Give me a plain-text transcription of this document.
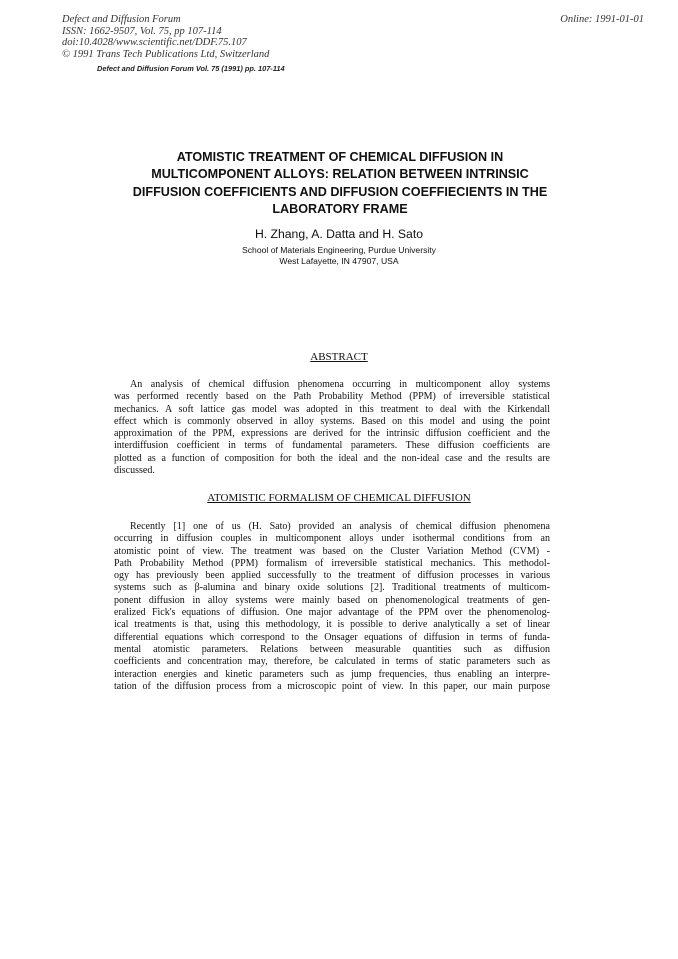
Defect and Diffusion Forum
ISSN: 1662-9507, Vol. 75, pp 107-114
doi:10.4028/www.scientific.net/DDF.75.107
© 1991 Trans Tech Publications Ltd, Switzerland
Online: 1991-01-01
Defect and Diffusion Forum Vol. 75 (1991) pp. 107-114
ATOMISTIC TREATMENT OF CHEMICAL DIFFUSION IN
MULTICOMPONENT ALLOYS: RELATION BETWEEN INTRINSIC
DIFFUSION COEFFICIENTS AND DIFFUSION COEFFIECIENTS IN THE
LABORATORY FRAME
H. Zhang, A. Datta and H. Sato
School of Materials Engineering, Purdue University
West Lafayette, IN 47907, USA
ABSTRACT
An analysis of chemical diffusion phenomena occurring in multicomponent alloy systems
was performed recently based on the Path Probability Method (PPM) of irreversible statistical
mechanics. A soft lattice gas model was adopted in this treatment to deal with the Kirkendall
effect which is commonly observed in alloy systems. Based on this model and using the point
approximation of the PPM, expressions are derived for the intrinsic diffusion coefficient and the
interdiffusion coefficient in terms of fundamental parameters. These diffusion coefficients are
plotted as a function of composition for both the ideal and the non-ideal case and the results are
discussed.
ATOMISTIC FORMALISM OF CHEMICAL DIFFUSION
Recently [1] one of us (H. Sato) provided an analysis of chemical diffusion phenomena
occurring in diffusion couples in multicomponent alloys under isothermal conditions from an
atomistic point of view. The treatment was based on the Cluster Variation Method (CVM) -
Path Probability Method (PPM) formalism of irreversible statistical mechanics. This methodol-
ogy has previously been applied successfully to the treatment of diffusion processes in various
systems such as β-alumina and binary oxide solutions [2]. Traditional treatments of multicom-
ponent diffusion in alloy systems were mainly based on phenomenological treatments of gen-
eralized Fick's equations of diffusion. One major advantage of the PPM over the phenomenolog-
ical treatments is that, using this methodology, it is possible to derive analytically a set of linear
differential equations which correspond to the Onsager equations of diffusion in terms of funda-
mental atomistic parameters. Relations between measurable quantities such as diffusion
coefficients and concentration may, therefore, be calculated in terms of static parameters such as
interaction energies and kinetic parameters such as jump frequencies, thus enabling an interpre-
tation of the diffusion process from a microscopic point of view. In this paper, our main purpose
